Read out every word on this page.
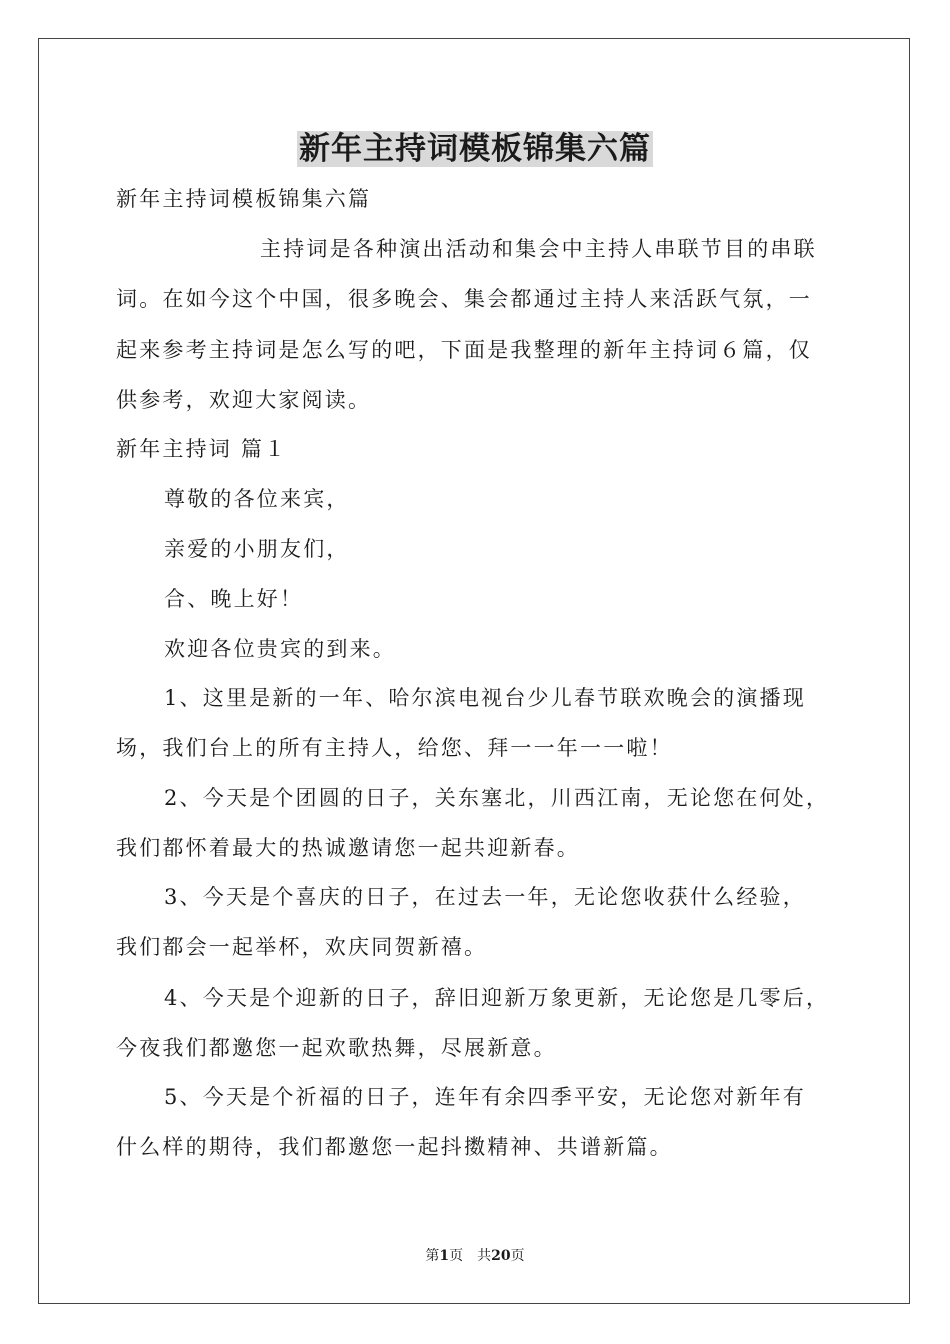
新年主持词模板锦集六篇
新年主持词模板锦集六篇
主持词是各种演出活动和集会中主持人串联节目的串联
词。在如今这个中国，很多晚会、集会都通过主持人来活跃气氛，一
起来参考主持词是怎么写的吧，下面是我整理的新年主持词６篇，仅
供参考，欢迎大家阅读。
新年主持词 篇１
尊敬的各位来宾，
亲爱的小朋友们，
合、晚上好！
欢迎各位贵宾的到来。
1、这里是新的一年、哈尔滨电视台少儿春节联欢晚会的演播现
场，我们台上的所有主持人，给您、拜一一年一一啦！
2、今天是个团圆的日子，关东塞北，川西江南，无论您在何处，
我们都怀着最大的热诚邀请您一起共迎新春。
3、今天是个喜庆的日子，在过去一年，无论您收获什么经验，
我们都会一起举杯，欢庆同贺新禧。
4、今天是个迎新的日子，辞旧迎新万象更新，无论您是几零后，
今夜我们都邀您一起欢歌热舞，尽展新意。
5、今天是个祈福的日子，连年有余四季平安，无论您对新年有
什么样的期待，我们都邀您一起抖擞精神、共谱新篇。
第1页　共20页
